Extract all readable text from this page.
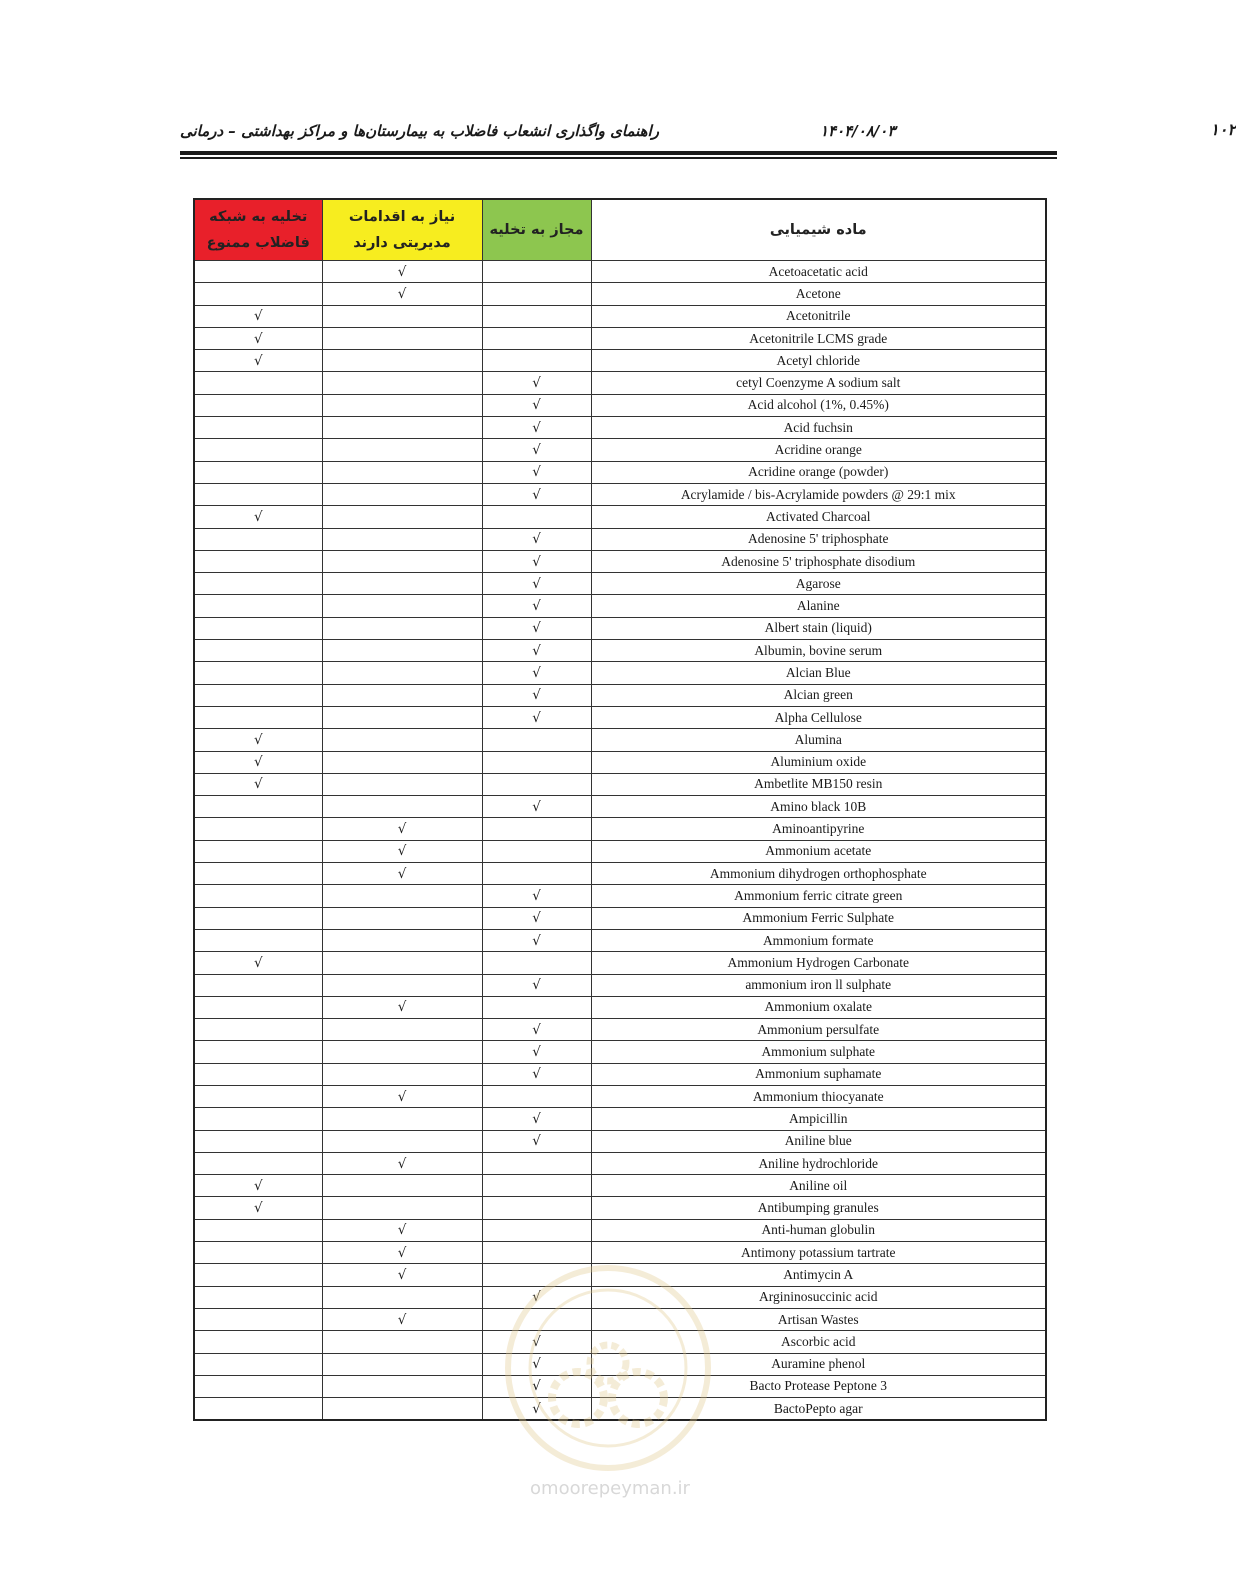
۱۰۲
۱۴۰۴/۰۸/۰۳
راهنمای واگذاری انشعاب فاضلاب به بیمارستان‌ها و مراکز بهداشتی – درمانی
تخلیه به شبکه فاضلاب ممنوع	نیاز به اقدامات مدیریتی دارند	مجاز به تخلیه	ماده شیمیایی
	√		Acetoacetatic acid
	√		Acetone
√			Acetonitrile
√			Acetonitrile LCMS grade
√			Acetyl chloride
		√	cetyl Coenzyme A sodium salt
		√	Acid alcohol (1%, 0.45%)
		√	Acid fuchsin
		√	Acridine orange
		√	Acridine orange (powder)
		√	Acrylamide / bis-Acrylamide powders @ 29:1 mix
√			Activated Charcoal
		√	Adenosine 5' triphosphate
		√	Adenosine 5' triphosphate disodium
		√	Agarose
		√	Alanine
		√	Albert stain (liquid)
		√	Albumin, bovine serum
		√	Alcian Blue
		√	Alcian green
		√	Alpha Cellulose
√			Alumina
√			Aluminium oxide
√			Ambetlite MB150 resin
		√	Amino black 10B
	√		Aminoantipyrine
	√		Ammonium acetate
	√		Ammonium dihydrogen orthophosphate
		√	Ammonium ferric citrate green
		√	Ammonium Ferric Sulphate
		√	Ammonium formate
√			Ammonium Hydrogen Carbonate
		√	ammonium iron ll sulphate
	√		Ammonium oxalate
		√	Ammonium persulfate
		√	Ammonium sulphate
		√	Ammonium suphamate
	√		Ammonium thiocyanate
		√	Ampicillin
		√	Aniline blue
	√		Aniline hydrochloride
√			Aniline oil
√			Antibumping granules
	√		Anti-human globulin
	√		Antimony potassium tartrate
	√		Antimycin A
		√	Argininosuccinic acid
	√		Artisan Wastes
		√	Ascorbic acid
		√	Auramine phenol
		√	Bacto Protease Peptone 3
		√	BactoPepto agar
omoorepeyman.ir
